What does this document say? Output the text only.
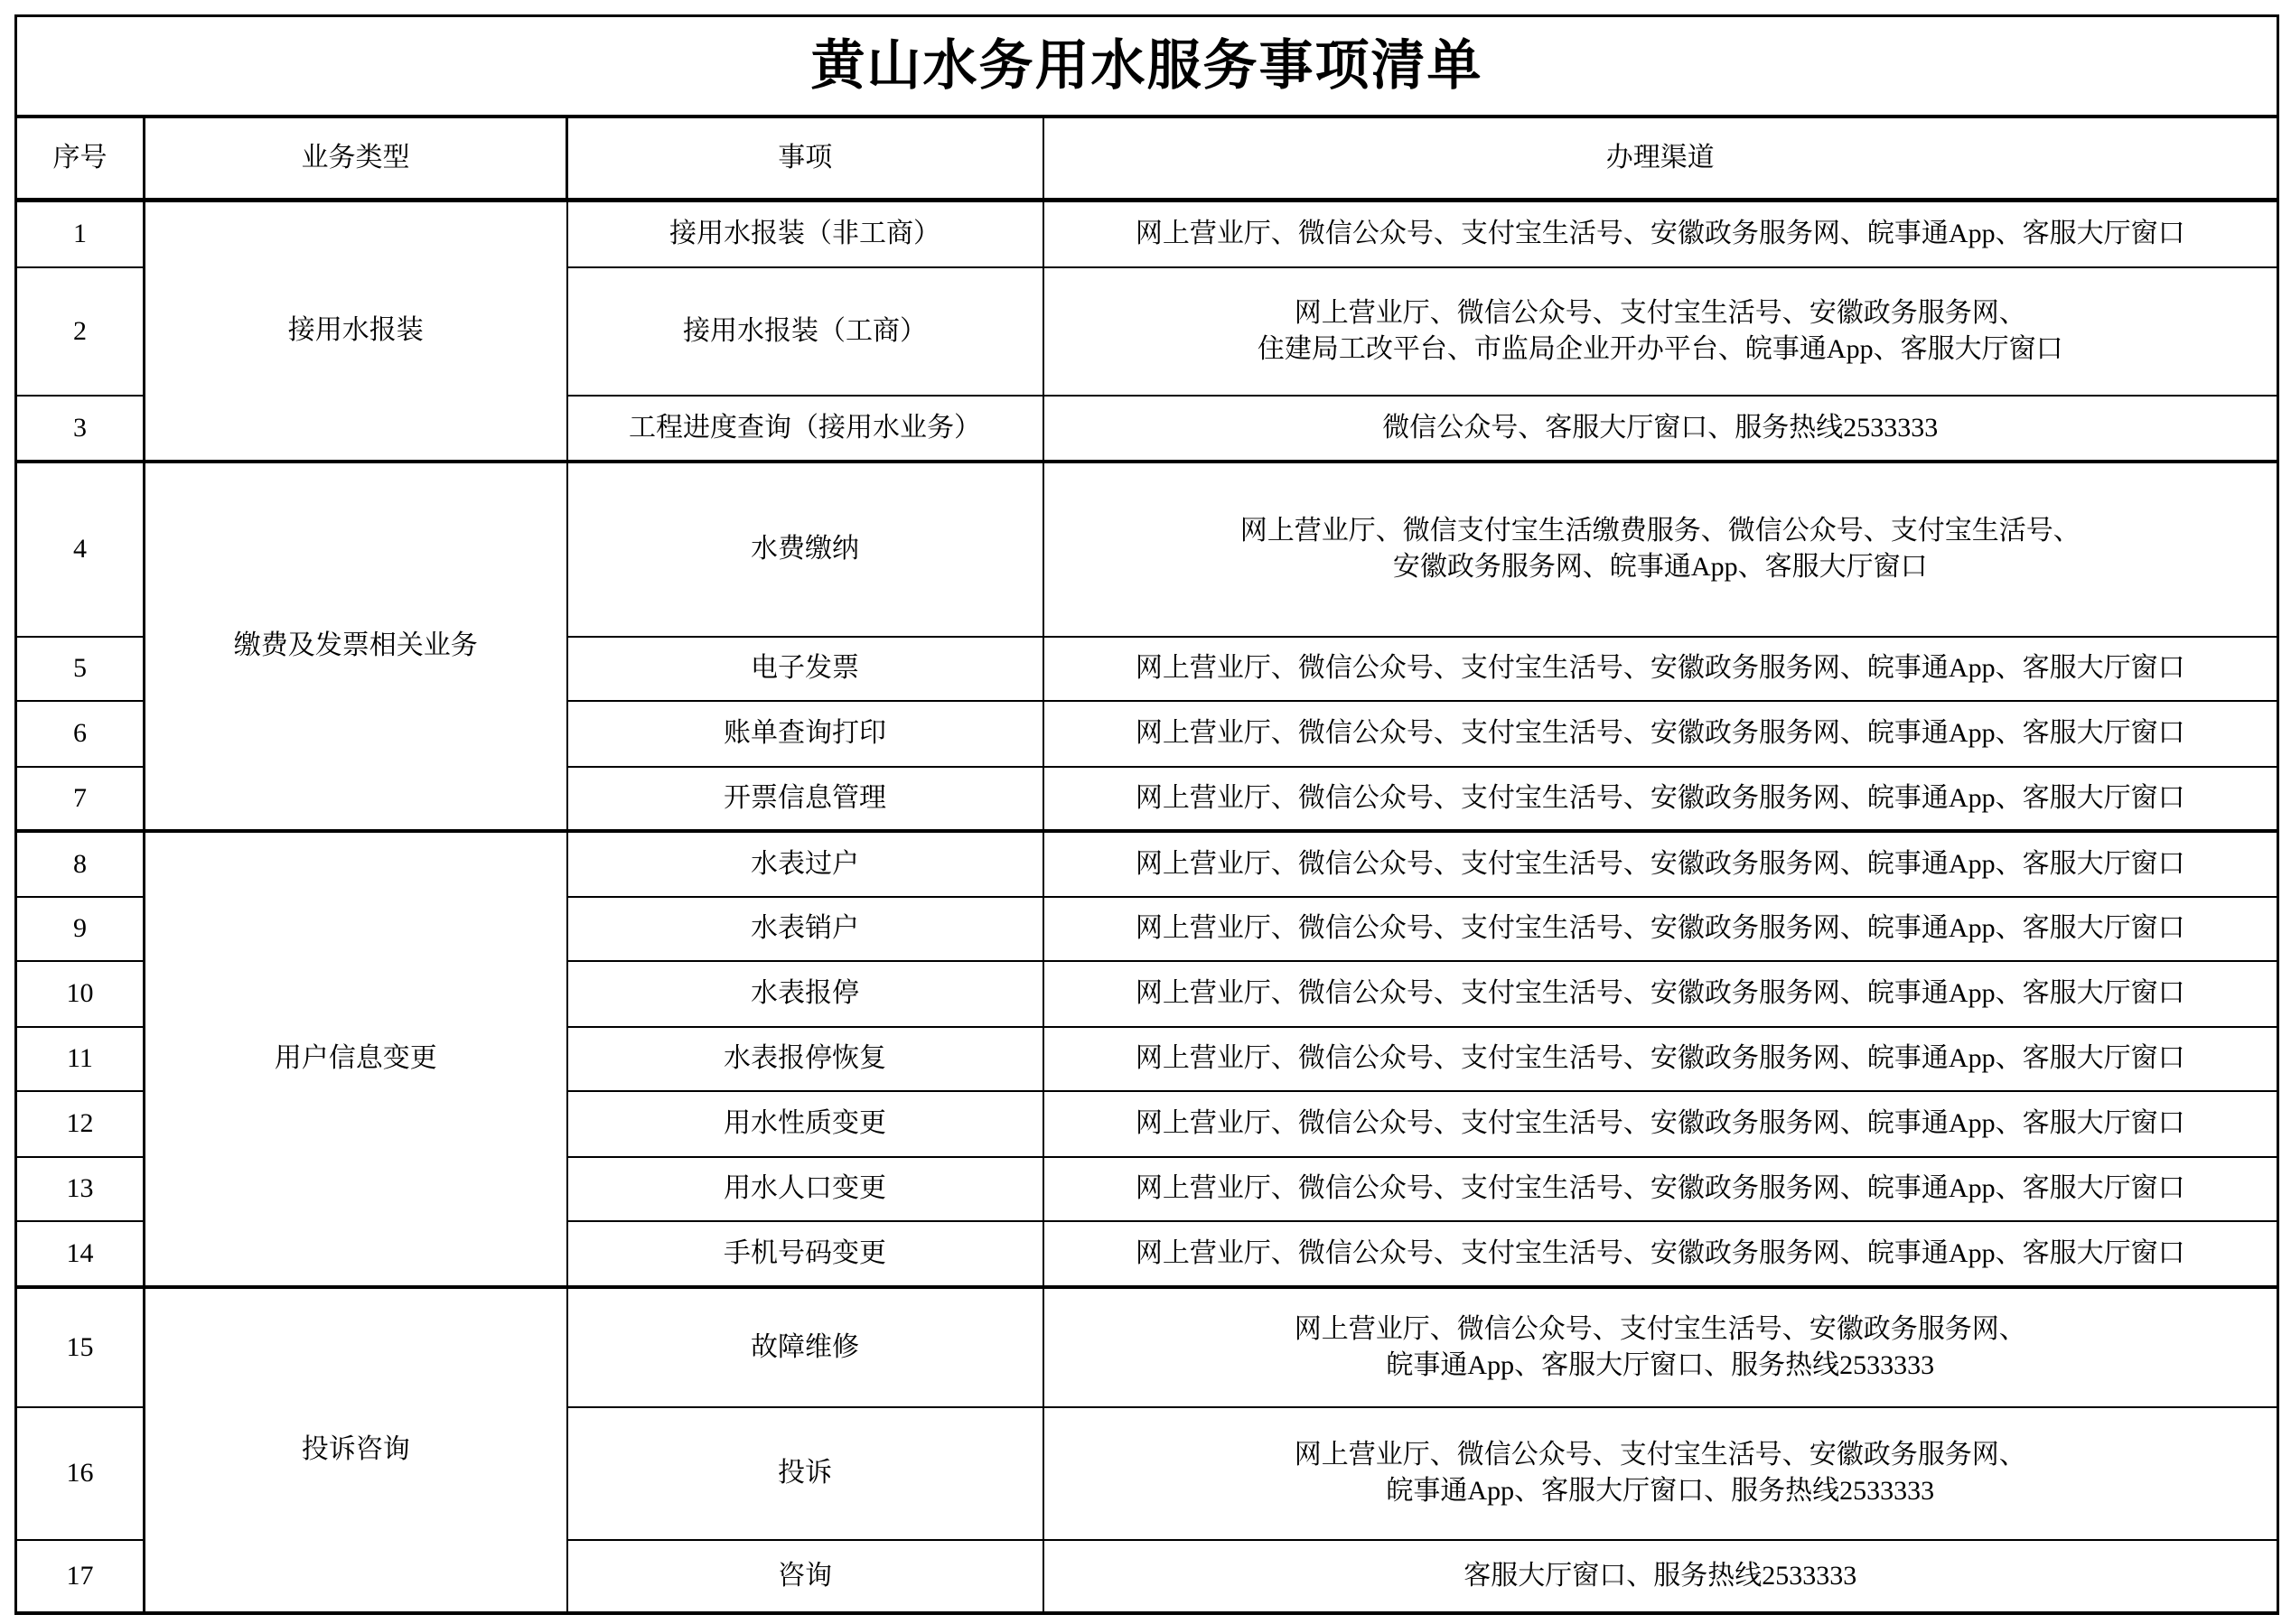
黄山水务用水服务事项清单			
序号	业务类型	事项	办理渠道
1	接用水报装	接用水报装（非工商）	网上营业厅、微信公众号、支付宝生活号、安徽政务服务网、皖事通App、客服大厅窗口

2		接用水报装（工商）	网上营业厅、微信公众号、支付宝生活号、安徽政务服务网、
住建局工改平台、市监局企业开办平台、皖事通App、客服大厅窗口

3		工程进度查询（接用水业务）	微信公众号、客服大厅窗口、服务热线2533333

4	缴费及发票相关业务	水费缴纳	网上营业厅、微信支付宝生活缴费服务、微信公众号、支付宝生活号、
安徽政务服务网、皖事通App、客服大厅窗口

5		电子发票	网上营业厅、微信公众号、支付宝生活号、安徽政务服务网、皖事通App、客服大厅窗口

6		账单查询打印	网上营业厅、微信公众号、支付宝生活号、安徽政务服务网、皖事通App、客服大厅窗口

7		开票信息管理	网上营业厅、微信公众号、支付宝生活号、安徽政务服务网、皖事通App、客服大厅窗口

8	用户信息变更	水表过户	网上营业厅、微信公众号、支付宝生活号、安徽政务服务网、皖事通App、客服大厅窗口

9		水表销户	网上营业厅、微信公众号、支付宝生活号、安徽政务服务网、皖事通App、客服大厅窗口

10		水表报停	网上营业厅、微信公众号、支付宝生活号、安徽政务服务网、皖事通App、客服大厅窗口

11		水表报停恢复	网上营业厅、微信公众号、支付宝生活号、安徽政务服务网、皖事通App、客服大厅窗口

12		用水性质变更	网上营业厅、微信公众号、支付宝生活号、安徽政务服务网、皖事通App、客服大厅窗口

13		用水人口变更	网上营业厅、微信公众号、支付宝生活号、安徽政务服务网、皖事通App、客服大厅窗口

14		手机号码变更	网上营业厅、微信公众号、支付宝生活号、安徽政务服务网、皖事通App、客服大厅窗口

15	投诉咨询	故障维修	网上营业厅、微信公众号、支付宝生活号、安徽政务服务网、
皖事通App、客服大厅窗口、服务热线2533333

16		投诉	网上营业厅、微信公众号、支付宝生活号、安徽政务服务网、
皖事通App、客服大厅窗口、服务热线2533333

17		咨询	客服大厅窗口、服务热线2533333
